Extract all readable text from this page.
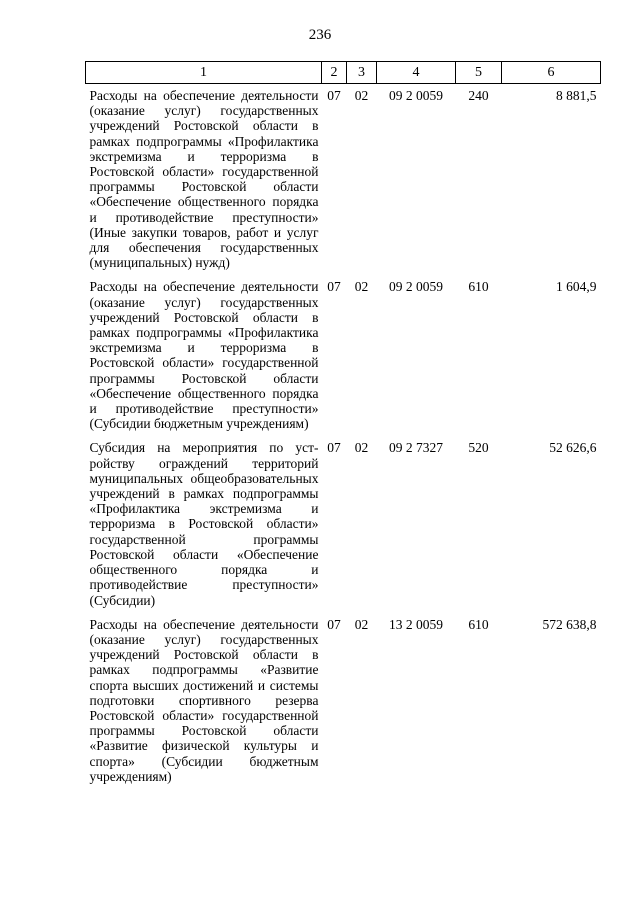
236
1	2	3	4	5	6
Расходы на обеспечение деятельности (оказание услуг) государственных учреждений Ростовской области в рамках подпрограммы «Профилактика экстремизма и терроризма в Ростовской области» государственной программы Ростовской области «Обеспечение общественного порядка и противодействие преступности» (Иные закупки товаров, работ и услуг для обеспечения государственных (муниципальных) нужд)	07	02	09 2 0059	240	8 881,5
Расходы на обеспечение деятельности (оказание услуг) государственных учреждений Ростовской области в рамках подпрограммы «Профилактика экстремизма и терроризма в Ростовской области» государственной программы Ростовской области «Обеспечение общественного порядка и противодействие преступности» (Субсидии бюджетным учреждениям)	07	02	09 2 0059	610	1 604,9
Субсидия на мероприятия по устройству ограждений территорий муниципальных общеобразовательных учреждений в рамках подпрограммы «Профилактика экстремизма и терроризма в Ростовской области» государственной программы Ростовской области «Обеспечение общественного порядка и противодействие преступности» (Субсидии)	07	02	09 2 7327	520	52 626,6
Расходы на обеспечение деятельности (оказание услуг) государственных учреждений Ростовской области в рамках подпрограммы «Развитие спорта высших достижений и системы подготовки спортивного резерва Ростовской области» государственной программы Ростовской области «Развитие физической культуры и спорта» (Субсидии бюджетным учреждениям)	07	02	13 2 0059	610	572 638,8
